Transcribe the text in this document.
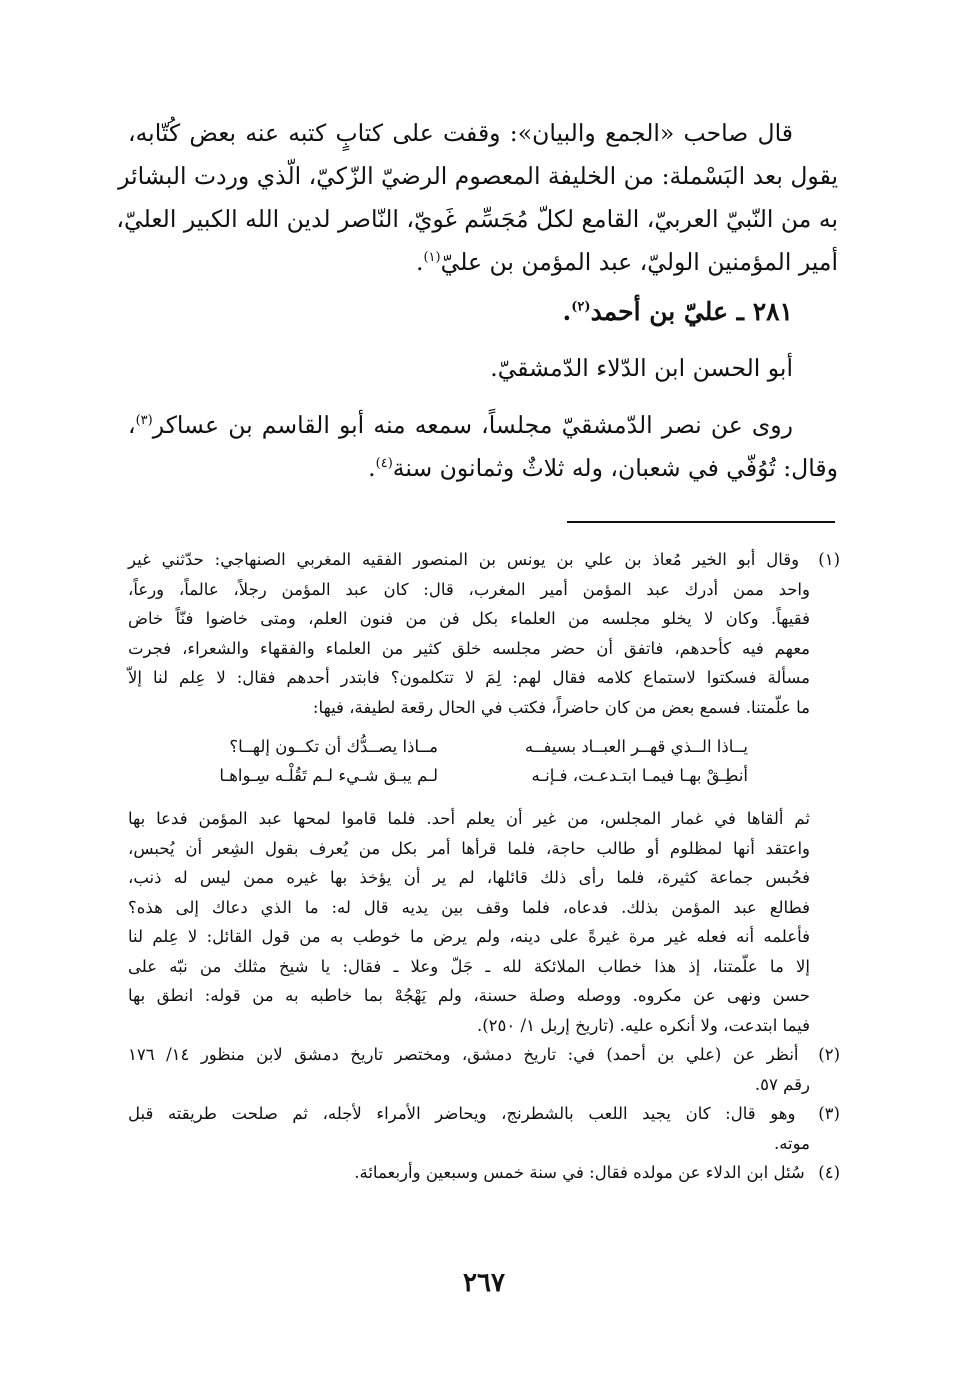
قال صاحب «الجمع والبيان»: وقفت على كتابٍ كتبه عنه بعض كُتّابه،
يقول بعد البَسْملة: من الخليفة المعصوم الرضيّ الزّكيّ، الّذي وردت البشائر
به من النّبيّ العربيّ، القامع لكلّ مُجَسِّم غَويّ، النّاصر لدين الله الكبير العليّ،
أمير المؤمنين الوليّ، عبد المؤمن بن عليّ$^{(١)}$.
٢٨١ ـ عليّ بن أحمد$^{(٢)}$.
أبو الحسن ابن الدّلاء الدّمشقيّ.
روى عن نصر الدّمشقيّ مجلساً، سمعه منه أبو القاسم بن عساكر$^{(٣)}$،
وقال: تُوُفّي في شعبان، وله ثلاثٌ وثمانون سنة$^{(٤)}$.
(١) وقال أبو الخير مُعاذ بن علي بن يونس بن المنصور الفقيه المغربي الصنهاجي: حدّثني غير
واحد ممن أدرك عبد المؤمن أمير المغرب، قال: كان عبد المؤمن رجلاً، عالماً، ورعاً،
فقيهاً. وكان لا يخلو مجلسه من العلماء بكل فن من فنون العلم، ومتى خاضوا فنّاً خاض
معهم فيه كأحدهم، فاتفق أن حضر مجلسه خلق كثير من العلماء والفقهاء والشعراء، فجرت
مسألة فسكتوا لاستماع كلامه فقال لهم: لِمَ لا تتكلمون؟ فابتدر أحدهم فقال: لا عِلم لنا إلاّ
ما علّمتنا. فسمع بعض من كان حاضراً، فكتب في الحال رقعة لطيفة، فيها:
يــاذا الــذي قهــر العبــاد بسيفــه
مــاذا يصــدُّك أن تكــون إلهــا؟
أنطِـقْ بهـا فيمـا ابتـدعـت، فـإنـه
لـم يبـق شـيء لـم تَقُلْـه سِـواهـا
ثم ألقاها في غمار المجلس، من غير أن يعلم أحد. فلما قاموا لمحها عبد المؤمن فدعا بها
واعتقد أنها لمظلوم أو طالب حاجة، فلما قرأها أمر بكل من يُعرف بقول الشِعر أن يُحبس،
فحُبس جماعة كثيرة، فلما رأى ذلك قائلها، لم ير أن يؤخذ بها غيره ممن ليس له ذنب،
فطالع عبد المؤمن بذلك. فدعاه، فلما وقف بين يديه قال له: ما الذي دعاك إلى هذه؟
فأعلمه أنه فعله غير مرة غيرةً على دينه، ولم يرض ما خوطب به من قول القائل: لا عِلم لنا
إلا ما علّمتنا، إذ هذا خطاب الملائكة لله ـ جَلّ وعلا ـ فقال: يا شيخ مثلك من نبّه على
حسن ونهى عن مكروه. ووصله وصلة حسنة، ولم يَهْجُهْ بما خاطبه به من قوله: انطق بها
فيما ابتدعت، ولا أنكره عليه. (تاريخ إربل ١/ ٢٥٠).
(٢) أنظر عن (علي بن أحمد) في: تاريخ دمشق، ومختصر تاريخ دمشق لابن منظور ١٤/ ١٧٦
رقم ٥٧.
(٣) وهو قال: كان يجيد اللعب بالشطرنج، ويحاضر الأمراء لأجله، ثم صلحت طريقته قبل
موته.
(٤) سُئل ابن الدلاء عن مولده فقال: في سنة خمس وسبعين وأربعمائة.
٢٦٧
